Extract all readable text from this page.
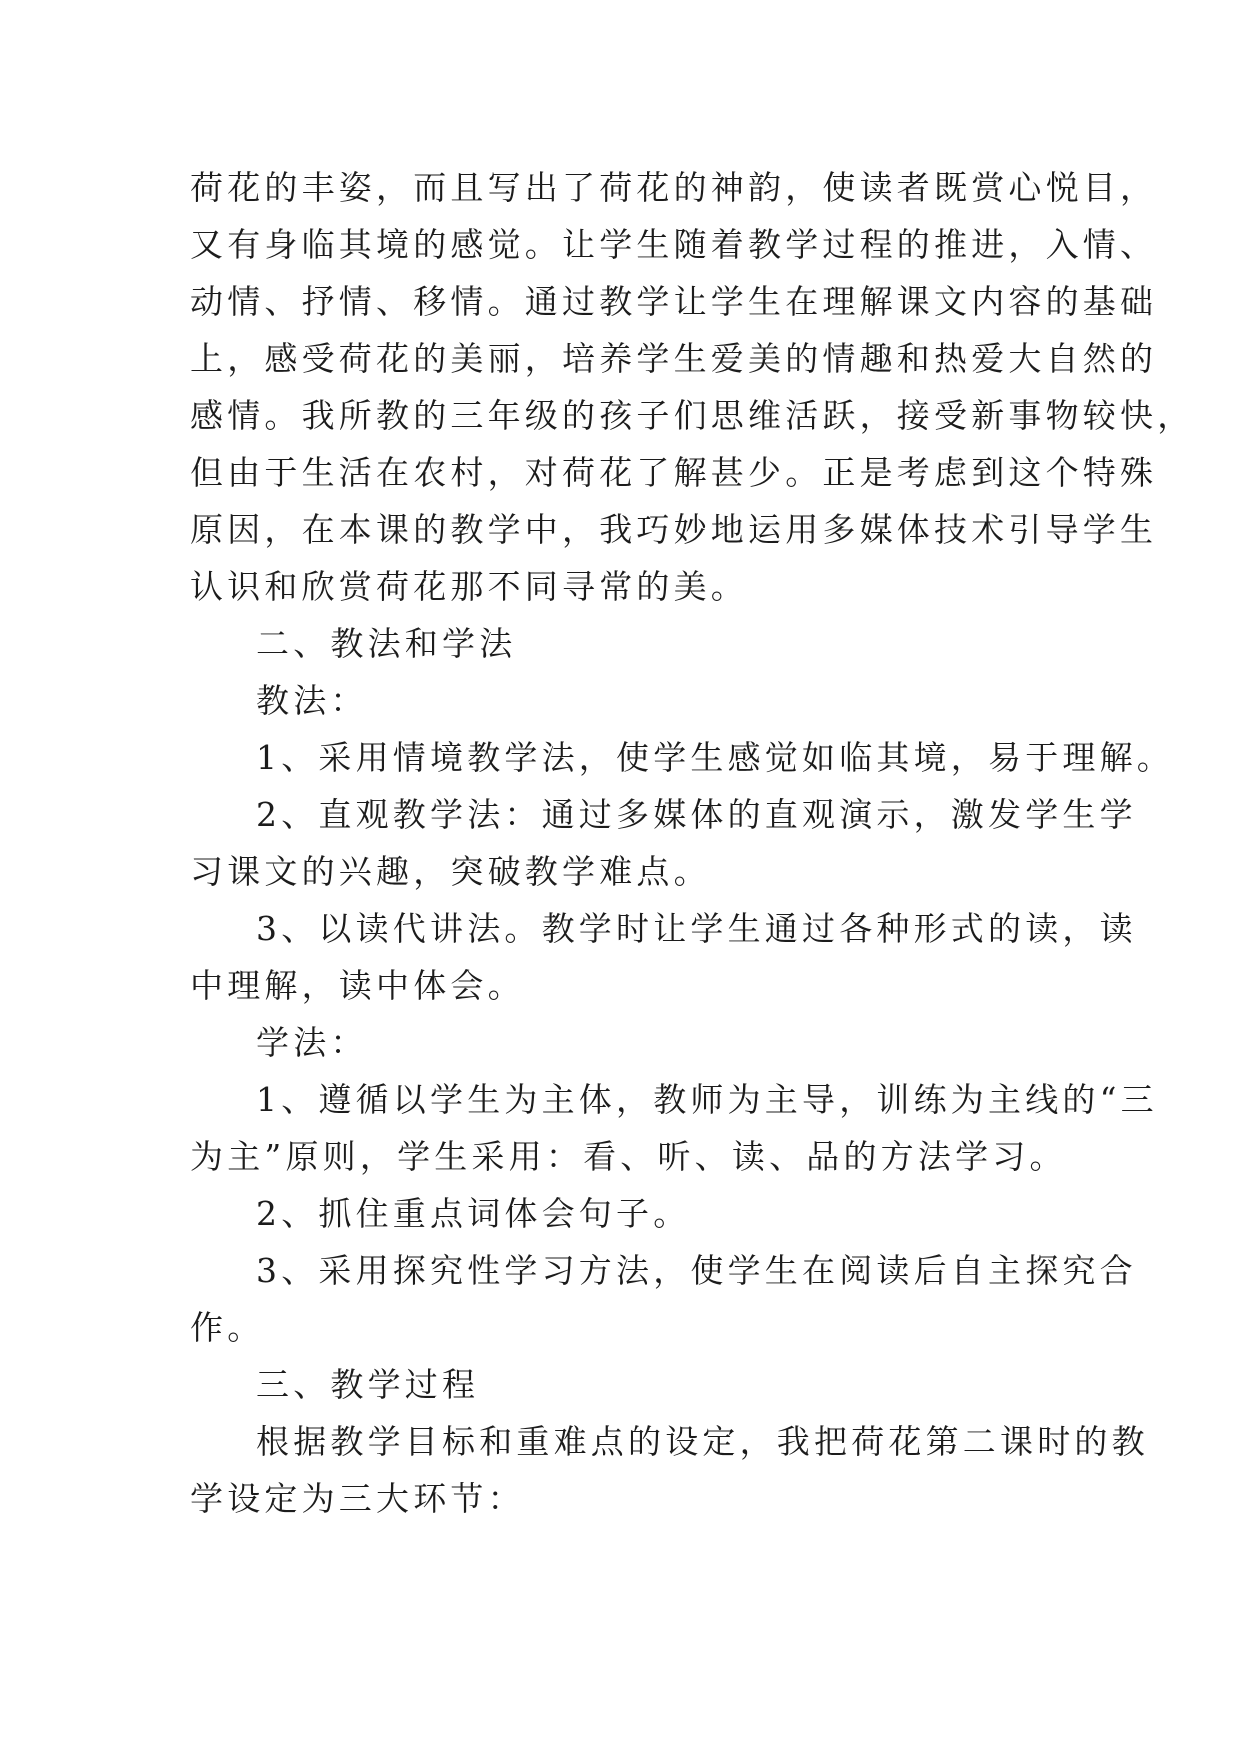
荷花的丰姿，而且写出了荷花的神韵，使读者既赏心悦目，
又有身临其境的感觉。让学生随着教学过程的推进，入情、
动情、抒情、移情。通过教学让学生在理解课文内容的基础
上，感受荷花的美丽，培养学生爱美的情趣和热爱大自然的
感情。我所教的三年级的孩子们思维活跃，接受新事物较快，
但由于生活在农村，对荷花了解甚少。正是考虑到这个特殊
原因，在本课的教学中，我巧妙地运用多媒体技术引导学生
认识和欣赏荷花那不同寻常的美。
二、教法和学法
教法：
1、采用情境教学法，使学生感觉如临其境，易于理解。
2、直观教学法：通过多媒体的直观演示，激发学生学
习课文的兴趣，突破教学难点。
3、以读代讲法。教学时让学生通过各种形式的读，读
中理解，读中体会。
学法：
1、遵循以学生为主体，教师为主导，训练为主线的“三
为主”原则，学生采用：看、听、读、品的方法学习。
2、抓住重点词体会句子。
3、采用探究性学习方法，使学生在阅读后自主探究合
作。
三、教学过程
根据教学目标和重难点的设定，我把荷花第二课时的教
学设定为三大环节：
